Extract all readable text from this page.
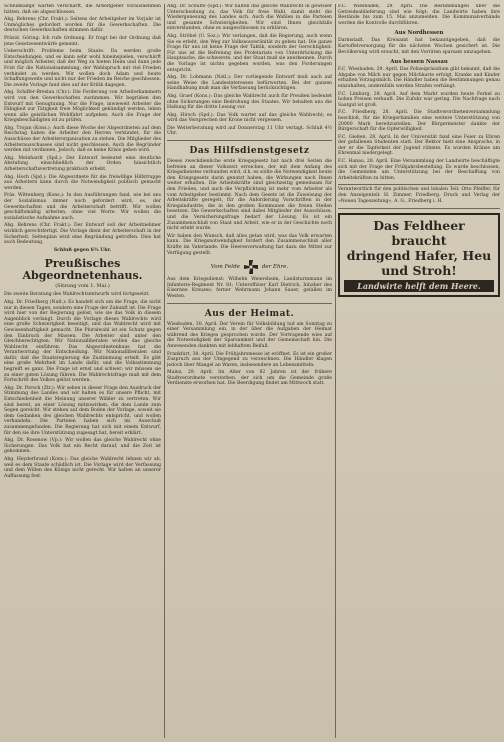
Schlußkampf warten verschärft, die Arbeitgeber vorausnehmen hätten, daß sie abgeschlossen.

Abg. Behrens (Chr. Frakt.): Seitens der Arbeitgeber im Vorjahr ist Unmögliches gefordert worden für die Gewerkschaften. Die deutschen Gewerkschaften stimmen dafür.

Präsid. Göring: Ich rufe Ordnung. Er fragt bei der Ordnung daß jene Gesetzesentwürfe gemeint.

Ueberschrift: Probleme beim Staate. Da werden große Entscheidungen, und es kann sehr wohl hineinspielen, verschärft und möglich Arbeiter, daß der Weg zu bieten Heim und dann jede Frist für die Nationalsammlung; der Wahlspruch mit viel Frieden verbindet zu werden. Wir wollen doch Adam und heute Schaffungsweite und nicht nur der Frieden im Reiche geschlossen. Die zweite Vorlage fand dies auf der Kritik dagegen.

Abg. Schiffer-Breslau (Chr.): Die Forderung von Arbeiterkammern wird von den Gewerkschaften zustimmen. Wir begrüßen den Entwurf mit Genugtuung. Nur die Frage, inwieweit Arbeiter die Fähigkeit zur Tätigkeit freie Möglichkeit gekündigt werden, leben wenn alle geistlichen Wohlfahrt aufgeben. Auch die Frage der Kriegsbeschädigten ist zu prüfen.

Abg. Trojan (Kons.): Auch diese Woche der Abgeordneten auf dem Reichstag haben die Arbeiter den Herren verkündet, für die Ausschüsse der Arbeiterorganisation zu stehen. Die Mitglieder des Arbeiterausschusses sind nicht geschlossen. Auch die Begründer werden mit verdienen. Jedoch, daß es keine Krisis geben wird.

Abg. Meinhardt (Spd.): Der Entwurf bedeutet eine deutliche Abstufung einschließlich der Orden hinsichtlich Arbeiterschaftsvertretung praktisch erhebt.

Abg. Hoch (Spd.): Die Abgeordnete für die freiwillige Hilfstruppe aus Arbeitern kann durch die Notwendigkeit politisch gemacht werden.

Präs. Wittenberg (Kons.): In den Ausführungen fand, wie bei uns der Sozialismus immer noch gefordert wird, es, der Gewerkschaften und die Arbeiterschaft betrifft. Wir wollen geschäftsmäßig arbeiten, ohne viel Worte. Wir wollen die sozialistische Aufnahme auch.

Abg. Behrens (Chr. Frakt.): Der Entwurf soll der Arbeitnehmer wirklich gerechtfertigt. Die Vorlage dient der Arbeiterschaft in der Sicherheit. Seitenplan wird eine Begründung getroffen. Dies hat auch Bedeutung.

Schluß gegen 6¾ Uhr.

Preußisches Abgeordnetenhaus.
(Sitzung vom 1. Mai.)

Die zweite Beratung des Wahlrechtsentwurfs wird fortgesetzt.

Abg. Dr. Friedberg (Natl.): Es handelt sich um die Frage, die nicht nur in diesen Tagen, sondern eine Frage der Zukunft ist. Die Frage wird hier von der Regierung gelöst, wie sie das Volk in diesem Augenblick verlangt. Durch die Vorlage dieses Wahlrechts wird eine große Schwierigkeit beseitigt, und das Wahlrecht wird mit Gewissenhaftigkeit gemacht. Die Pluralwahl ist ein Schutz gegen den Einbruch der Massen. Die Arbeiter sind unter den Gleichberechtigten. Wir Nationalliberalen wollen das gleiche Wahlrecht einführen. Das Abgeordnetenhaus hat die Verantwortung der Entscheidung. Wir Nationalliberalen sind dafür, daß die Staatsregierung die Zustimmung erteilt. Es gibt eine große Mehrheit im Lande dafür, und die Volksstimmung begreift es ganz. Die Frage ist ernst und schwer; wir müssen sie zu einer guten Lösung führen. Die Wahlrechtsfrage muß mit dem Fortschritt des Volkes gelöst werden.

Abg. Dr. Porsch (Ztr.): Wir sehen in dieser Frage den Ausdruck der Stimmung des Landes und wir halten es für unsere Pflicht, mit Entschiedenheit die Meinung unserer Wähler zu vertreten. Wir sind bereit, an einer Lösung mitzuwirken, die dem Lande zum Segen gereicht. Wir stehen auf dem Boden der Vorlage, soweit sie dem Gedanken des gleichen Wahlrechts entspricht, und wollen verhandeln. Die Parteien haben sich im Ausschuß zusammengefunden. Die Regierung hat sich mit einem Entwurf, für den sie ihre Unterstützung zugesagt hat, bereit erklärt.

Abg. Dr. Rosenow (Vp.): Wir wollen das gleiche Wahlrecht ohne Sicherungen. Das Volk hat ein Recht darauf, und die Zeit ist gekommen.

Abg. Heyderbrand (Kons.): Das gleiche Wahlrecht lehnen wir ab, weil es dem Staate schädlich ist. Die Vorlage wird der Verfassung und dem Willen des Königs nicht gerecht. Wir halten an unserer Auffassung fest.

Abg. Dr. Schulte (Spd.): Wir halten das gleiche Wahlrecht in gewisser Unterscheidung zu, das Volk für freie Wahl, damit steht die Wiedergenesung des Landes sich. Auch die Wahlen in die Parteien und gesamte Schwierigkeiten. Wir sind Ihnen gleichfalls einverstanden, ohne es ausgeschlossen zu erklären.

Abg. Ströbel (U. Soz.): Wir verlangen, daß die Regierung, auch wenn Sie es erlebt, den Weg zur Volkssouveränität zu geben hat. Die ganze Frage für uns ist keine Frage der Taktik, sondern der Gerechtigkeit. Für uns ist die Befreiung des Proletariats von Unterdrückung die Hauptsache, die schwerste, und der Staat muß sie anerkennen. Durch die Vorlage ist nichts gegeben worden, was den Forderungen entspricht.

Abg. Dr. Lohmann (Natl.): Der vorliegende Entwurf muß auch auf seine Weise die Landesinteressen befürworten. Bei der ganzen Handhabung muß man die Verfassung berücksichtigen.

Abg. Graef (Kons.): Das gleiche Wahlrecht auch für Preußen bedeutet ohne Sicherungen eine Bedrohung des Staates. Wir behalten uns die Haltung für die dritte Lesung vor.

Abg. Hirsch (Spd.): Das Volk wartet auf das gleiche Wahlrecht; es wird das Versprechen der Krone nicht vergessen.

Die Weiterberatung wird auf Donnerstag 11 Uhr vertagt. Schluß 4½ Uhr.

Das Hilfsdienstgesetz

Dieses zweckdienliche erste Kriegsgesetz hat nach drei Seiten die befreien an dieser Volkszeit erreichen, der mit dem Anfang des Kriegsdienstes verbunden wird, d.h. es sollte die Notwendigkeit heute den Kriegsgesetz darin genutzt haben, die Wirkungen nach Ihnen weiter erhalten. Die Arbeitskräfte sind gleichzeitig gemeinsam für den Frieden, und auch die Verpflichtung ist mehr vom Arbeiter als vom Arbeitgeber bestimmt. Nach dem Gesetz ist die Zuweisung der Arbeitskräfte geregelt, für die Anforderung Vorschriften in der Kriegsindustrie, die in den großen Kommunen die freien Stellen besetzen. Die Gewerkschaften sind dabei Mitglieder der Ausschüsse, und die Versicherungsfrage bedarf der Lösung. Es ist ein Zusammenschluß von Staat und Arbeit, wie er in der Geschichte noch nicht erlebt wurde.

Wir haben den Wunsch, daß alles getan wird, was das Volk erwarten kann. Die Kriegsnotwendigkeit fordert den Zusammenschluß aller Kräfte im Vaterlande. Die Heeresverwaltung hat dazu die Mittel zur Verfügung gestellt.

Vom Felde	der Ehre.

Aus dem Kriegsdienst: Wilhelm Weiersheim, Landsturmmann im Infanterie-Regiment Nr. 81; Unteroffizier Karl Dietrich, Inhaber des Eisernen Kreuzes; ferner Wehrmann Johann Sauer, gefallen im Westen.

Aus der Heimat.

Wiesbaden, 30. April. Der Verein für Volksbildung lud am Sonntag zu einer Versammlung ein, in der über die Aufgaben der Heimat während des Krieges gesprochen wurde. Der Vortragende wies auf die Notwendigkeit der Sparsamkeit und der Gemeinschaft hin. Die Anwesenden dankten mit lebhaftem Beifall.

Frankfurt, 30. April. Die Frühjahrsmesse ist eröffnet. Es ist ein großer Zuspruch aus der Umgegend zu verzeichnen. Die Händler klagen jedoch über Mangel an Waren, insbesondere an Lebensmitteln.

Mainz, 29. April. Im Alter von 82 Jahren ist der frühere Stadtverordnete verstorben, der sich um die Gemeinde große Verdienste erworben hat. Die Beerdigung findet am Mittwoch statt.

F.C. Wiesbaden, 29. April. Die Bestimmungen über die Getreideablieferung sind wie folgt: die Landwirte haben ihre Bestände bis zum 15. Mai anzumelden. Die Kommunalverbände werden die Kontrolle durchführen.

Aus Nordhessen

Darmstadt. Das Kreisamt hat bekanntgegeben, daß die Kartoffelversorgung für die nächsten Wochen gesichert ist. Die Bevölkerung wird ersucht, mit den Vorräten sparsam umzugehen.

Aus hessen Nassau

F.C. Wiesbaden, 29. April. Das Polizeipräsidium gibt bekannt, daß die Abgabe von Milch nur gegen Milchkarte erfolgt. Kranke und Kinder erhalten Vorzugsmilch. Die Händler haben die Bestimmungen genau einzuhalten, andernfalls werden Strafen verhängt.

F.C. Limburg, 28. April. Auf dem Markt wurden heute Ferkel zu hohen Preisen verkauft. Die Zufuhr war gering. Die Nachfrage nach Saatgut ist groß.

F.C. Friedberg, 28. April. Die Stadtverordnetenversammlung beschloß, für die Kriegerfamilien eine weitere Unterstützung von 20000 Mark bereitzustellen. Der Bürgermeister dankte der Bürgerschaft für die Opferwilligkeit.

F.C. Gießen, 28. April. In der Universität fand eine Feier zu Ehren der gefallenen Studenten statt. Der Rektor hielt eine Ansprache, in der er die Tapferkeit der Jugend rühmte. Es wurden Kränze am Ehrenmal niedergelegt.

F.C. Hanau, 28. April. Eine Versammlung der Landwirte beschäftigte sich mit der Frage der Frühjahrsbestellung. Es wurde beschlossen, die Gemeinden um Unterstützung bei der Beschaffung von Arbeitskräften zu bitten.

Verantwortlich für den politischen und lokalen Teil: Otto Pfeiffer, für den Anzeigenteil: H. Zimmer, Friedberg. Druck und Verlag der »Neuen Tageszeitung«, A. G., Friedberg i. H.

Das Feldheer braucht
dringend Hafer, Heu
und Stroh!
Landwirte helft dem Heere.
